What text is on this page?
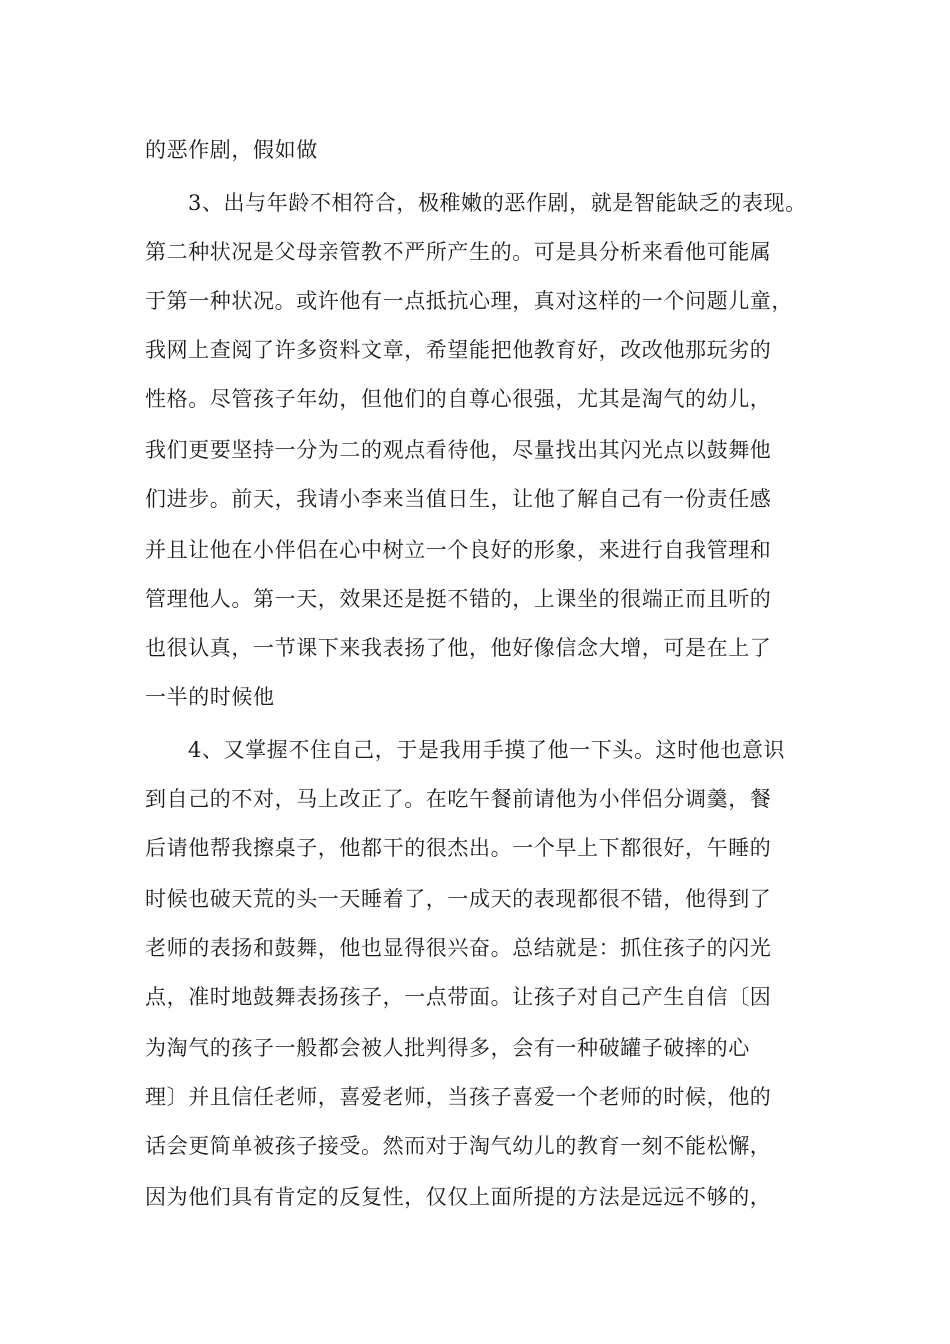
的恶作剧，假如做
3、出与年龄不相符合，极稚嫩的恶作剧，就是智能缺乏的表现。
第二种状况是父母亲管教不严所产生的。可是具分析来看他可能属
于第一种状况。或许他有一点抵抗心理，真对这样的一个问题儿童，
我网上查阅了许多资料文章，希望能把他教育好，改改他那玩劣的
性格。尽管孩子年幼，但他们的自尊心很强，尤其是淘气的幼儿，
我们更要坚持一分为二的观点看待他，尽量找出其闪光点以鼓舞他
们进步。前天，我请小李来当值日生，让他了解自己有一份责任感
并且让他在小伴侣在心中树立一个良好的形象，来进行自我管理和
管理他人。第一天，效果还是挺不错的，上课坐的很端正而且听的
也很认真，一节课下来我表扬了他，他好像信念大增，可是在上了
一半的时候他
4、又掌握不住自己，于是我用手摸了他一下头。这时他也意识
到自己的不对，马上改正了。在吃午餐前请他为小伴侣分调羹，餐
后请他帮我擦桌子，他都干的很杰出。一个早上下都很好，午睡的
时候也破天荒的头一天睡着了，一成天的表现都很不错，他得到了
老师的表扬和鼓舞，他也显得很兴奋。总结就是：抓住孩子的闪光
点，准时地鼓舞表扬孩子，一点带面。让孩子对自己产生自信〔因
为淘气的孩子一般都会被人批判得多，会有一种破罐子破摔的心
理〕并且信任老师，喜爱老师，当孩子喜爱一个老师的时候，他的
话会更简单被孩子接受。然而对于淘气幼儿的教育一刻不能松懈，
因为他们具有肯定的反复性，仅仅上面所提的方法是远远不够的，
